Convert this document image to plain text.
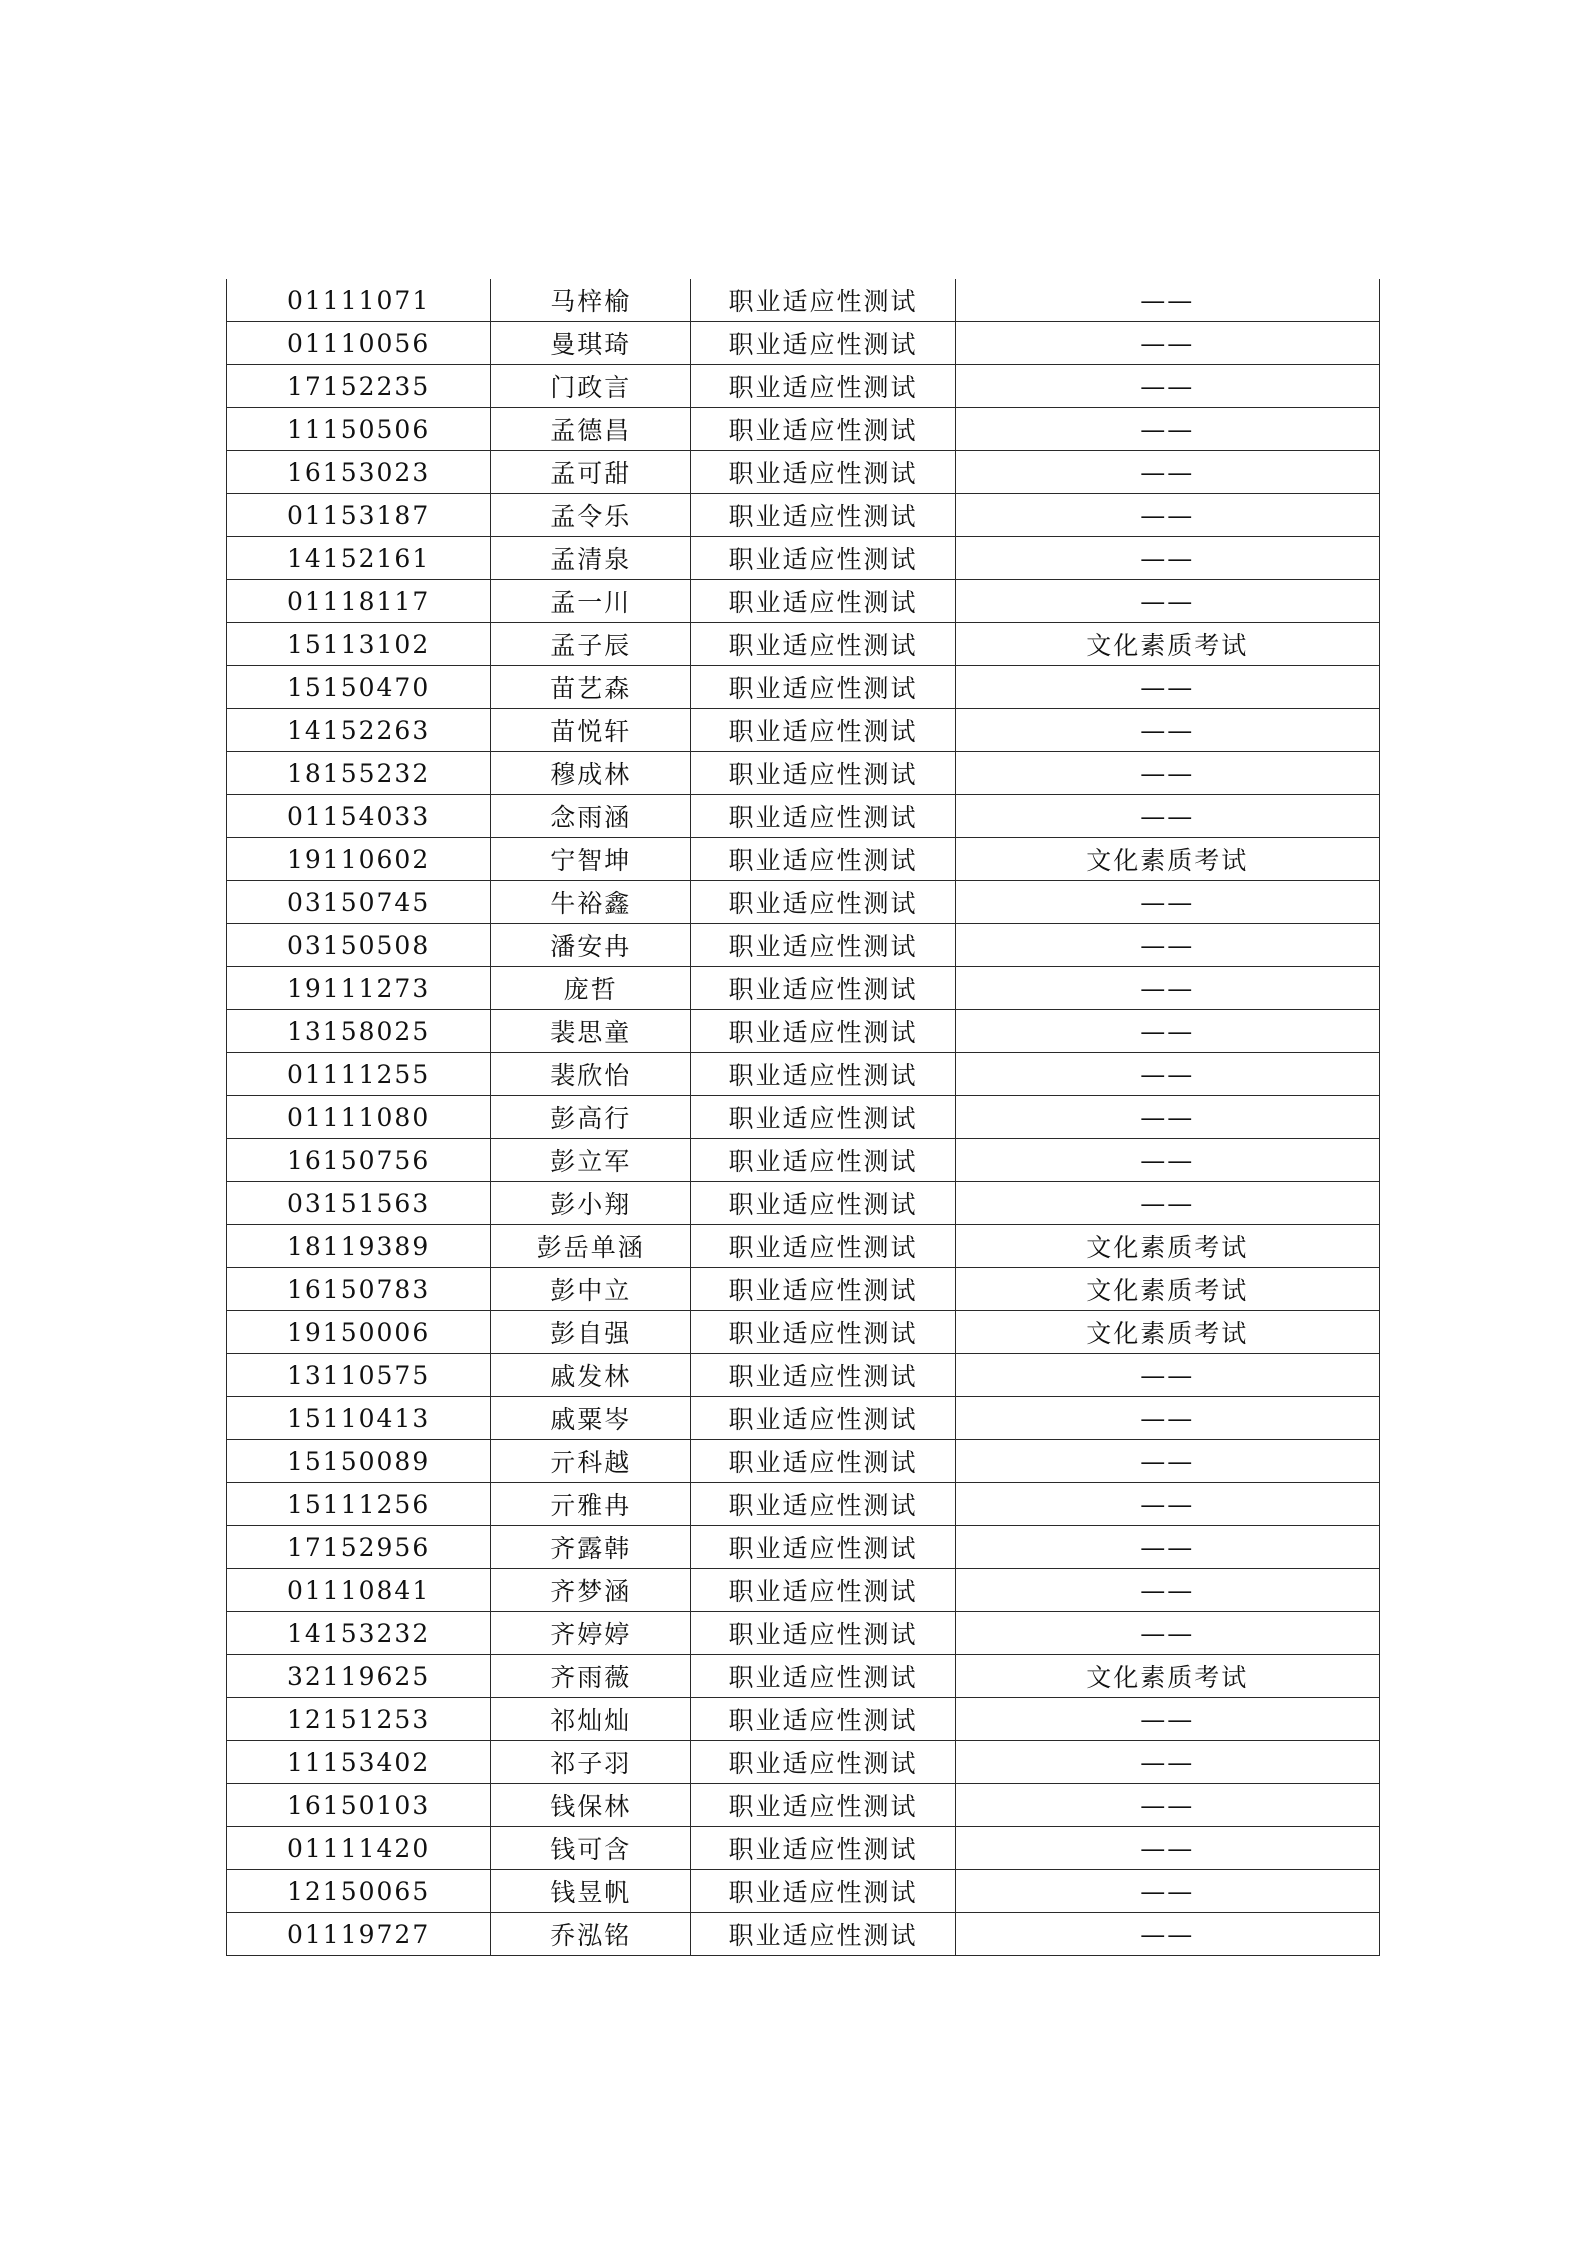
01111071	马梓榆	职业适应性测试	——
01110056	曼琪琦	职业适应性测试	——
17152235	门政言	职业适应性测试	——
11150506	孟德昌	职业适应性测试	——
16153023	孟可甜	职业适应性测试	——
01153187	孟令乐	职业适应性测试	——
14152161	孟清泉	职业适应性测试	——
01118117	孟一川	职业适应性测试	——
15113102	孟子辰	职业适应性测试	文化素质考试
15150470	苗艺森	职业适应性测试	——
14152263	苗悦轩	职业适应性测试	——
18155232	穆成林	职业适应性测试	——
01154033	念雨涵	职业适应性测试	——
19110602	宁智坤	职业适应性测试	文化素质考试
03150745	牛裕鑫	职业适应性测试	——
03150508	潘安冉	职业适应性测试	——
19111273	庞哲	职业适应性测试	——
13158025	裴思童	职业适应性测试	——
01111255	裴欣怡	职业适应性测试	——
01111080	彭高行	职业适应性测试	——
16150756	彭立军	职业适应性测试	——
03151563	彭小翔	职业适应性测试	——
18119389	彭岳单涵	职业适应性测试	文化素质考试
16150783	彭中立	职业适应性测试	文化素质考试
19150006	彭自强	职业适应性测试	文化素质考试
13110575	戚发林	职业适应性测试	——
15110413	戚粟岑	职业适应性测试	——
15150089	亓科越	职业适应性测试	——
15111256	亓雅冉	职业适应性测试	——
17152956	齐露韩	职业适应性测试	——
01110841	齐梦涵	职业适应性测试	——
14153232	齐婷婷	职业适应性测试	——
32119625	齐雨薇	职业适应性测试	文化素质考试
12151253	祁灿灿	职业适应性测试	——
11153402	祁子羽	职业适应性测试	——
16150103	钱保林	职业适应性测试	——
01111420	钱可含	职业适应性测试	——
12150065	钱昱帆	职业适应性测试	——
01119727	乔泓铭	职业适应性测试	——
